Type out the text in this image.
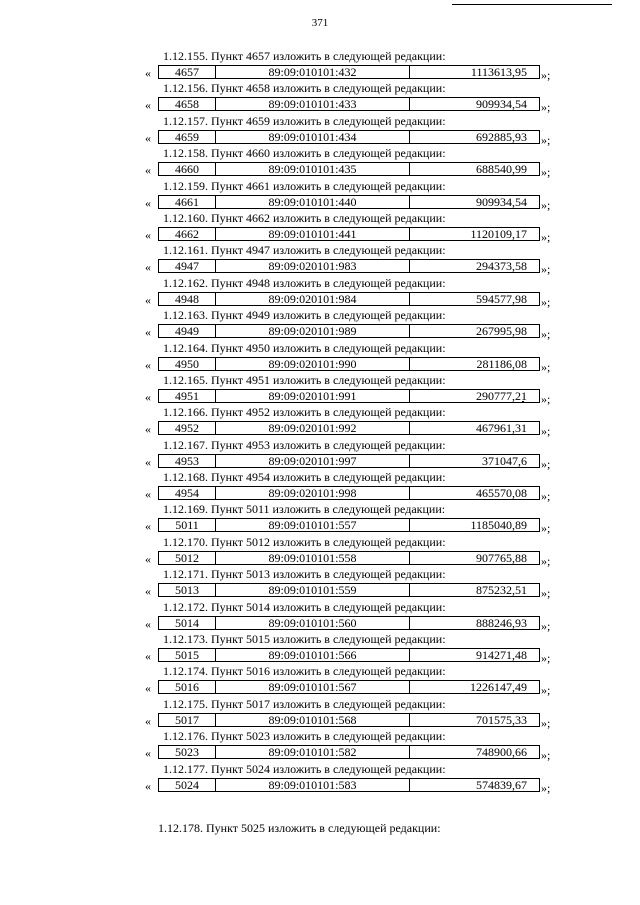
371
1.12.155. Пункт 4657 изложить в следующей редакции:
«	4657	89:09:010101:432	1113613,95	»;
1.12.156. Пункт 4658 изложить в следующей редакции:
«	4658	89:09:010101:433	909934,54	»;
1.12.157. Пункт 4659 изложить в следующей редакции:
«	4659	89:09:010101:434	692885,93	»;
1.12.158. Пункт 4660 изложить в следующей редакции:
«	4660	89:09:010101:435	688540,99	»;
1.12.159. Пункт 4661 изложить в следующей редакции:
«	4661	89:09:010101:440	909934,54	»;
1.12.160. Пункт 4662 изложить в следующей редакции:
«	4662	89:09:010101:441	1120109,17	»;
1.12.161. Пункт 4947 изложить в следующей редакции:
«	4947	89:09:020101:983	294373,58	»;
1.12.162. Пункт 4948 изложить в следующей редакции:
«	4948	89:09:020101:984	594577,98	»;
1.12.163. Пункт 4949 изложить в следующей редакции:
«	4949	89:09:020101:989	267995,98	»;
1.12.164. Пункт 4950 изложить в следующей редакции:
«	4950	89:09:020101:990	281186,08	»;
1.12.165. Пункт 4951 изложить в следующей редакции:
«	4951	89:09:020101:991	290777,21	»;
1.12.166. Пункт 4952 изложить в следующей редакции:
«	4952	89:09:020101:992	467961,31	»;
1.12.167. Пункт 4953 изложить в следующей редакции:
«	4953	89:09:020101:997	371047,6	»;
1.12.168. Пункт 4954 изложить в следующей редакции:
«	4954	89:09:020101:998	465570,08	»;
1.12.169. Пункт 5011 изложить в следующей редакции:
«	5011	89:09:010101:557	1185040,89	»;
1.12.170. Пункт 5012 изложить в следующей редакции:
«	5012	89:09:010101:558	907765,88	»;
1.12.171. Пункт 5013 изложить в следующей редакции:
«	5013	89:09:010101:559	875232,51	»;
1.12.172. Пункт 5014 изложить в следующей редакции:
«	5014	89:09:010101:560	888246,93	»;
1.12.173. Пункт 5015 изложить в следующей редакции:
«	5015	89:09:010101:566	914271,48	»;
1.12.174. Пункт 5016 изложить в следующей редакции:
«	5016	89:09:010101:567	1226147,49	»;
1.12.175. Пункт 5017 изложить в следующей редакции:
«	5017	89:09:010101:568	701575,33	»;
1.12.176. Пункт 5023 изложить в следующей редакции:
«	5023	89:09:010101:582	748900,66	»;
1.12.177. Пункт 5024 изложить в следующей редакции:
«	5024	89:09:010101:583	574839,67	»;
1.12.178. Пункт 5025 изложить в следующей редакции:
